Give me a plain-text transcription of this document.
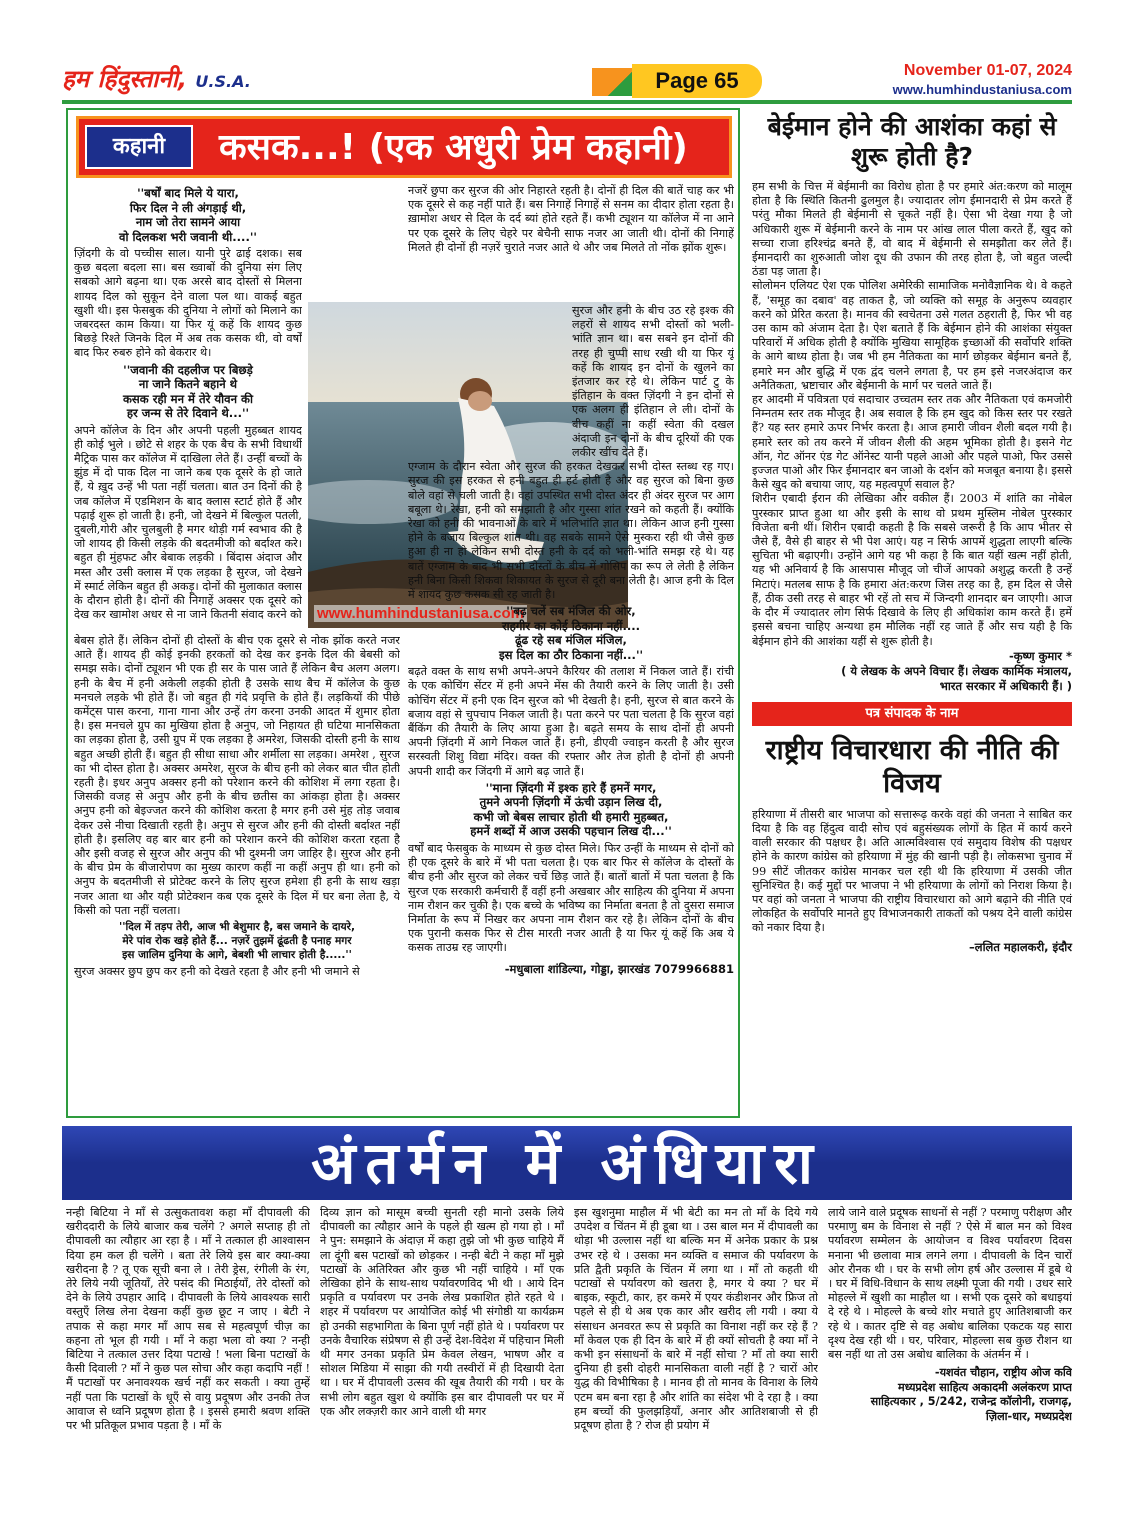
हम हिंदुस्तानी, U.S.A.	Page 65	November 01-07, 2024
www.humhindustaniusa.com
कहानी	कसक...! (एक अधुरी प्रेम कहानी)
''बर्षों बाद मिले ये यारा,
फिर दिल ने ली अंगड़ाई थी,
नाम जो तेरा सामने आया
वो दिलकश भरी जवानी थी....''

ज़िंदगी के वो पच्चीस साल। यानी पुरे ढाई दशक। सब कुछ बदला बदला सा। बस ख्वाबों की दुनिया संग लिए सबको आगे बढ़ना था। एक अरसे बाद दोस्तों से मिलना शायद दिल को सुकून देने वाला पल था। वाकई बहुत खुशी थी। इस फेसबुक की दुनिया ने लोगों को मिलाने का जबरदस्त काम किया। या फिर यूं कहें कि शायद कुछ बिछड़े रिश्ते जिनके दिल में अब तक कसक थी, वो वर्षों बाद फिर रुबरु होने को बेकरार थे।

''जवानी की दहलीज पर बिछड़े
ना जाने कितने बहाने थे
कसक रही मन में तेरे यौवन की
हर जन्म से तेरे दिवाने थे...''

अपने कॉलेज के दिन और अपनी पहली मुहब्बत शायद ही कोई भुले । छोटे से शहर के एक बैच के सभी विधार्थी मैट्रिक पास कर कॉलेज में दाखिला लेते हैं। उन्हीं बच्चों के झुंड में दो पाक दिल ना जाने कब एक दूसरे के हो जाते हैं, ये ख़ुद उन्हें भी पता नहीं चलता। बात उन दिनों की है जब कॉलेज में एडमिशन के बाद क्लास स्टार्ट होते हैं और पढ़ाई शुरू हो जाती है। हनी, जो देखने में बिल्कुल पतली, दुबली,गोरी और चुलबुली है मगर थोड़ी गर्म स्वभाव की है जो शायद ही किसी लड़के की बदतमीजी को बर्दाश्त करे। बहुत ही मुंहफट और बेबाक लड़की । बिंदास अंदाज और मस्त और उसी क्लास में एक लड़का है सुरज, जो देखने में स्मार्ट लेकिन बहुत ही अकड़ू। दोनों की मुलाकात क्लास के दौरान होती है। दोनों की निगाहें अक्सर एक दूसरे को देख कर खामोश अधर से ना जाने कितनी संवाद करने को www.humhindustaniusa.com

बेबस होते हैं। लेकिन दोनों ही दोस्तों के बीच एक दूसरे से नोक झोंक करते नजर आते हैं। शायद ही कोई इनकी हरकतों को देख कर इनके दिल की बेबसी को समझ सके। दोनों ट्यूशन भी एक ही सर के पास जाते हैं लेकिन बैच अलग अलग। हनी के बैच में हनी अकेली लड़की होती है उसके साथ बैच में कॉलेज के कुछ मनचले लड़के भी होते हैं। जो बहुत ही गंदे प्रवृत्ति के होते हैं। लड़कियों की पीछे कमेंट्स पास करना, गाना गाना और उन्हें तंग करना उनकी आदत में शुमार होता है। इस मनचले ग्रुप का मुखिया होता है अनुप, जो निहायत ही घटिया मानसिकता का लड़का होता है, उसी ग्रुप में एक लड़का है अमरेश, जिसकी दोस्ती हनी के साथ बहुत अच्छी होती हैं। बहुत ही सीधा साधा और शर्मीला सा लड़का। अमरेश , सुरज का भी दोस्त होता है। अक्सर अमरेश, सुरज के बीच हनी को लेकर बात चीत होती रहती है। इधर अनुप अक्सर हनी को परेशान करने की कोशिश में लगा रहता है। जिसकी वजह से अनुप और हनी के बीच छतीस का आंकड़ा होता है। अक्सर अनुप हनी को बेइज्जत करने की कोशिश करता है मगर हनी उसे मुंह तोड़ जवाब देकर उसे नीचा दिखाती रहती है। अनुप से सुरज और हनी की दोस्ती बर्दाश्त नहीं होती है। इसलिए वह बार बार हनी को परेशान करने की कोशिश करता रहता है और इसी वजह से सुरज और अनुप की भी दुश्मनी जग जाहिर है। सुरज और हनी के बीच प्रेम के बीजारोपण का मुख्य कारण कहीं ना कहीं अनुप ही था। हनी को अनुप के बदतमीजी से प्रोटेक्ट करने के लिए सुरज हमेशा ही हनी के साथ खड़ा नजर आता था और यही प्रोटेक्शन कब एक दूसरे के दिल में घर बना लेता है, ये किसी को पता नहीं चलता।

''दिल में तड़प तेरी, आज भी बेशुमार है, बस जमाने के दायरे,
मेरे पांव रोक खड़े होते हैं... नज़रें तुझमें ढूंढती है पनाह मगर
इस जालिम दुनिया के आगे, बेबशी भी लाचार होती है.....''

सुरज अक्सर छुप छुप कर हनी को देखते रहता है और हनी भी जमाने से

नजरें छुपा कर सुरज की ओर निहारते रहती है। दोनों ही दिल की बातें चाह कर भी एक दूसरे से कह नहीं पाते हैं। बस निगाहें निगाहें से सनम का दीदार होता रहता है। ख़ामोश अधर से दिल के दर्द ब्यां होते रहते हैं। कभी ट्यूशन या कॉलेज में ना आने पर एक दूसरे के लिए चेहरे पर बेचैनी साफ नजर आ जाती थी। दोनों की निगाहें मिलते ही दोनों ही नज़रें चुराते नजर आते थे और जब मिलते तो नोंक झोंक शुरू।

सुरज और हनी के बीच उठ रहे इश्क की लहरों से शायद सभी दोस्तों को भली-भांति ज्ञान था। बस सबने इन दोनों की तरह ही चुप्पी साध रखी थी या फिर यूं कहें कि शायद इन दोनों के खुलने का इंतजार कर रहे थे। लेकिन पार्ट टु के इंतिहान के वक्त ज़िंदगी ने इन दोनों से एक अलग ही इंतिहान ले ली। दोनों के बीच कहीं ना कहीं स्वेता की दखल अंदाजी इन दोनों के बीच दूरियों की एक लकीर खींच देते हैं।

एग्जाम के दौरान स्वेता और सुरज की हरकत देखकर सभी दोस्त स्तब्ध रह गए। सुरज की इस हरकत से हनी बहुत ही हर्ट होती है और वह सुरज को बिना कुछ बोले वहां से चली जाती है। वहां उपस्थित सभी दोस्त अंदर ही अंदर सुरज पर आग बबूला थे। रेखा, हनी को समझाती है और गुस्सा शांत रखने को कहती हैं। क्योंकि रेखा को हनी की भावनाओं के बारे में भलिभांति ज्ञात था। लेकिन आज हनी गुस्सा होने के बजाय बिल्कुल शांत थी। वह सबके सामने ऐसे मुस्करा रही थी जैसे कुछ हुआ ही ना हो लेकिन सभी दोस्त हनी के दर्द को भली-भांति समझ रहे थे। यह बातें एग्जाम के बाद भी सभी दोस्तों के बीच में गोसिप का रूप ले लेती है लेकिन हनी बिना किसी शिकवा शिकायत के सुरज से दूरी बना लेती है। आज हनी के दिल में शायद कुछ कसक सी रह जाती है।

''बढ़ चलें सब मंजिल की ओर,
राहगीर का कोई ठिकाना नहीं....
ढूंढ रहे सब मंजिल मंजिल,
इस दिल का ठौर ठिकाना नहीं...''

बढ़ते वक्त के साथ सभी अपने-अपने कैरियर की तलाश में निकल जाते हैं। रांची के एक कोचिंग सेंटर में हनी अपने मेंस की तैयारी करने के लिए जाती है। उसी कोचिंग सेंटर में हनी एक दिन सुरज को भी देखती है। हनी, सुरज से बात करने के बजाय वहां से चुपचाप निकल जाती है। पता करने पर पता चलता है कि सुरज वहां बैंकिंग की तैयारी के लिए आया हुआ है। बढ़ते समय के साथ दोनों ही अपनी अपनी ज़िंदगी में आगे निकल जाते हैं। हनी, डीएवी ज्वाइन करती है और सुरज सरस्वती शिशु विद्या मंदिर। वक्त की रफ्तार और तेज होती है दोनों ही अपनी अपनी शादी कर जिंदगी में आगे बढ़ जाते हैं।

''माना ज़िंदगी में इश्क हारे हैं हमनें मगर,
तुमने अपनी ज़िंदगी में ऊंची उड़ान लिख दी,
कभी जो बेबस लाचार होती थी हमारी मुहब्बत,
हमनें शब्दों में आज उसकी पहचान लिख दी...''

वर्षों बाद फेसबुक के माध्यम से कुछ दोस्त मिले। फिर उन्हीं के माध्यम से दोनों को ही एक दूसरे के बारे में भी पता चलता है। एक बार फिर से कॉलेज के दोस्तों के बीच हनी और सुरज को लेकर चर्चे छिड़ जाते हैं। बातों बातों में पता चलता है कि सुरज एक सरकारी कर्मचारी हैं वहीं हनी अखबार और साहित्य की दुनिया में अपना नाम रौशन कर चुकी है। एक बच्चे के भविष्य का निर्माता बनता है तो दुसरा समाज निर्माता के रूप में निखर कर अपना नाम रौशन कर रहे है। लेकिन दोनों के बीच एक पुरानी कसक फिर से टीस मारती नजर आती है या फिर यूं कहें कि अब ये कसक ताउम्र रह जाएगी।

-मधुबाला शांडिल्या, गोड्डा, झारखंड 7079966881
बेईमान होने की आशंका कहां से शुरू होती है?

हम सभी के चित्त में बेईमानी का विरोध होता है पर हमारे अंत:करण को मालूम होता है कि स्थिति कितनी ढुलमुल है। ज्यादातर लोग ईमानदारी से प्रेम करते हैं परंतु मौका मिलते ही बेईमानी से चूकते नहीं है। ऐसा भी देखा गया है जो अधिकारी शुरू में बेईमानी करने के नाम पर आंख लाल पीला करते हैं, खुद को सच्चा राजा हरिश्चंद्र बनते हैं, वो बाद में बेईमानी से समझौता कर लेते हैं। ईमानदारी का शुरुआती जोश दूध की उफान की तरह होता है, जो बहुत जल्दी ठंडा पड़ जाता है।

सोलोमन एलियट ऐश एक पोलिश अमेरिकी सामाजिक मनोवैज्ञानिक थे। वे कहते हैं, 'समूह का दबाव' वह ताकत है, जो व्यक्ति को समूह के अनुरूप व्यवहार करने को प्रेरित करता है। मानव की स्वचेतना उसे गलत ठहराती है, फिर भी वह उस काम को अंजाम देता है। ऐश बताते हैं कि बेईमान होने की आशंका संयुक्त परिवारों में अधिक होती है क्योंकि मुखिया सामूहिक इच्छाओं की सर्वोपरि शक्ति के आगे बाध्य होता है। जब भी हम नैतिकता का मार्ग छोड़कर बेईमान बनते हैं, हमारे मन और बुद्धि में एक द्वंद चलने लगता है, पर हम इसे नजरअंदाज कर अनैतिकता, भ्रष्टाचार और बेईमानी के मार्ग पर चलते जाते हैं।

हर आदमी में पवित्रता एवं सदाचार उच्चतम स्तर तक और नैतिकता एवं कमजोरी निम्नतम स्तर तक मौजूद है। अब सवाल है कि हम खुद को किस स्तर पर रखते हैं? यह स्तर हमारे ऊपर निर्भर करता है। आज हमारी जीवन शैली बदल गयी है। हमारे स्तर को तय करने में जीवन शैली की अहम भूमिका होती है। इसने गेट ऑन, गेट ऑनर एंड गेट ऑनेस्ट यानी पहले आओ और पहले पाओ, फिर उससे इज्जत पाओ और फिर ईमानदार बन जाओ के दर्शन को मजबूत बनाया है। इससे कैसे खुद को बचाया जाए, यह महत्वपूर्ण सवाल है?

शिरीन एबादी ईरान की लेखिका और वकील हैं। 2003 में शांति का नोबेल पुरस्कार प्राप्त हुआ था और इसी के साथ वो प्रथम मुस्लिम नोबेल पुरस्कार विजेता बनी थीं। शिरीन एबादी कहती है कि सबसे जरूरी है कि आप भीतर से जैसे हैं, वैसे ही बाहर से भी पेश आएं। यह न सिर्फ आपमें शुद्धता लाएगी बल्कि सुचिता भी बढ़ाएगी। उन्होंने आगे यह भी कहा है कि बात यहीं खत्म नहीं होती, यह भी अनिवार्य है कि आसपास मौजूद जो चीजें आपको अशुद्ध करती है उन्हें मिटाएं। मतलब साफ है कि हमारा अंत:करण जिस तरह का है, हम दिल से जैसे हैं, ठीक उसी तरह से बाहर भी रहें तो सच में जिन्दगी शानदार बन जाएगी। आज के दौर में ज्यादातर लोग सिर्फ दिखावे के लिए ही अधिकांश काम करते हैं। हमें इससे बचना चाहिए अन्यथा हम मौलिक नहीं रह जाते हैं और सच यही है कि बेईमान होने की आशंका यहीं से शुरू होती है।

-कृष्ण कुमार *
( ये लेखक के अपने विचार हैं। लेखक कार्मिक मंत्रालय,
भारत सरकार में अधिकारी हैं। )
पत्र संपादक के नाम
राष्ट्रीय विचारधारा की नीति की विजय
हरियाणा में तीसरी बार भाजपा को सत्तारूढ़ करके वहां की जनता ने साबित कर दिया है कि वह हिंदुत्व वादी सोच एवं बहुसंख्यक लोगों के हित में कार्य करने वाली सरकार की पक्षधर है। अति आत्मविश्वास एवं समुदाय विशेष की पक्षधर होने के कारण कांग्रेस को हरियाणा में मुंह की खानी पड़ी है। लोकसभा चुनाव में 99 सीटें जीतकर कांग्रेस मानकर चल रही थी कि हरियाणा में उसकी जीत सुनिश्चित है। कई मुद्दों पर भाजपा ने भी हरियाणा के लोगों को निराश किया है। पर वहां को जनता ने भाजपा की राष्ट्रीय विचारधारा को आगे बढ़ाने की नीति एवं लोकहित के सर्वोपरि मानते हुए विभाजनकारी ताकतों को पश्रय देने वाली कांग्रेस को नकार दिया है।
–ललित महालकरी, इंदौर
अंतर्मन में अंधियारा
नन्ही बिटिया ने माँ से उत्सुकतावश कहा माँ दीपावली की खरीददारी के लिये बाजार कब चलेंगे ? अगले सप्ताह ही तो दीपावली का त्यौहार आ रहा है । माँ ने तत्काल ही आश्वासन दिया हम कल ही चलेंगे । बता तेरे लिये इस बार क्या-क्या खरीदना है ? तू एक सूची बना ले । तेरी ड्रेस, रंगीली के रंग, तेरे लिये नयी जूतियाँ, तेरे पसंद की मिठाईयाँ, तेरे दोस्तों को देने के लिये उपहार आदि । दीपावली के लिये आवश्यक सारी वस्तुएँ लिख लेना देखना कहीं कुछ छूट न जाए । बेटी ने तपाक से कहा मगर माँ आप सब से महत्वपूर्ण चीज़ का कहना तो भूल ही गयी । माँ ने कहा भला वो क्या ? नन्ही बिटिया ने तत्काल उत्तर दिया पटाखे ! भला बिना पटाखों के कैसी दिवाली ? माँ ने कुछ पल सोचा और कहा कदापि नहीं ! मैं पटाखों पर अनावश्यक खर्च नहीं कर सकती । क्या तुम्हें नहीं पता कि पटाखों के धूएँ से वायु प्रदूषण और उनकी तेज आवाज से ध्वनि प्रदूषण होता है । इससे हमारी श्रवण शक्ति पर भी प्रतिकूल प्रभाव पड़ता है । माँ के
दिव्य ज्ञान को मासूम बच्ची सुनती रही मानो उसके लिये दीपावली का त्यौहार आने के पहले ही खत्म हो गया हो । माँ ने पुन: समझाने के अंदाज़ में कहा तुझे जो भी कुछ चाहिये मैं ला दूंगी बस पटाखों को छोड़कर । नन्ही बेटी ने कहा माँ मुझे पटाखों के अतिरिक्त और कुछ भी नहीं चाहिये । माँ एक लेखिका होने के साथ-साथ पर्यावरणविद भी थी । आये दिन प्रकृति व पर्यावरण पर उनके लेख प्रकाशित होते रहते थे । शहर में पर्यावरण पर आयोजित कोई भी संगोष्ठी या कार्यक्रम हो उनकी सहभागिता के बिना पूर्ण नहीं होते थे । पर्यावरण पर उनके वैचारिक संप्रेषण से ही उन्हें देश-विदेश में पहिचान मिली थी मगर उनका प्रकृति प्रेम केवल लेखन, भाषण और व सोशल मिडिया में साझा की गयी तस्वीरों में ही दिखायी देता था । घर में दीपावली उत्सव की खूब तैयारी की गयी । घर के सभी लोग बहुत खुश थे क्योंकि इस बार दीपावली पर घर में एक और लक्ज़री कार आने वाली थी मगर
इस खुशनुमा माहौल में भी बेटी का मन तो माँ के दिये गये उपदेश व चिंतन में ही डूबा था । उस बाल मन में दीपावली का थोड़ा भी उल्लास नहीं था बल्कि मन में अनेक प्रकार के प्रश्न उभर रहे थे । उसका मन व्यक्ति व समाज की पर्यावरण के प्रति द्वैती प्रकृति के चिंतन में लगा था । माँ तो कहती थी पटाखों से पर्यावरण को खतरा है, मगर ये क्या ? घर में बाइक, स्कूटी, कार, हर कमरे में एयर कंडीशनर और फ्रिज तो पहले से ही थे अब एक कार और खरीद ली गयी । क्या ये संसाधन अनवरत रूप से प्रकृति का विनाश नहीं कर रहे हैं ? माँ केवल एक ही दिन के बारे में ही क्यों सोचती है क्या माँ ने कभी इन संसाधनों के बारे में नहीं सोचा ? माँ तो क्या सारी दुनिया ही इसी दोहरी मानसिकता वाली नहीं है ? चारों ओर युद्ध की विभीषिका है । मानव ही तो मानव के विनाश के लिये एटम बम बना रहा है और शांति का संदेश भी दे रहा है । क्या हम बच्चों की फुलझड़ियाँ, अनार और आतिशबाजी से ही प्रदूषण होता है ? रोज ही प्रयोग में

लाये जाने वाले प्रदूषक साधनों से नहीं ? परमाणु परीक्षण और परमाणु बम के विनाश से नहीं ? ऐसे में बाल मन को विश्व पर्यावरण सम्मेलन के आयोजन व विश्व पर्यावरण दिवस मनाना भी छलावा मात्र लगने लगा । दीपावली के दिन चारों ओर रौनक थी । घर के सभी लोग हर्ष और उल्लास में डूबे थे । घर में विधि-विधान के साथ लक्ष्मी पूजा की गयी । उधर सारे मोहल्ले में खुशी का माहौल था । सभी एक दूसरे को बधाइयां दे रहे थे । मोहल्ले के बच्चे शोर मचाते हुए आतिशबाजी कर रहे थे । कातर दृष्टि से वह अबोध बालिका एकटक यह सारा दृश्य देख रही थी । घर, परिवार, मोहल्ला सब कुछ रौशन था बस नहीं था तो उस अबोध बालिका के अंतर्मन में ।

-यशवंत चौहान, राष्ट्रीय ओज कवि
मध्यप्रदेश साहित्य अकादमी अलंकरण प्राप्त
साहित्यकार , 5/242, राजेन्द्र कॉलोनी, राजगढ़,
ज़िला-धार, मध्यप्रदेश
